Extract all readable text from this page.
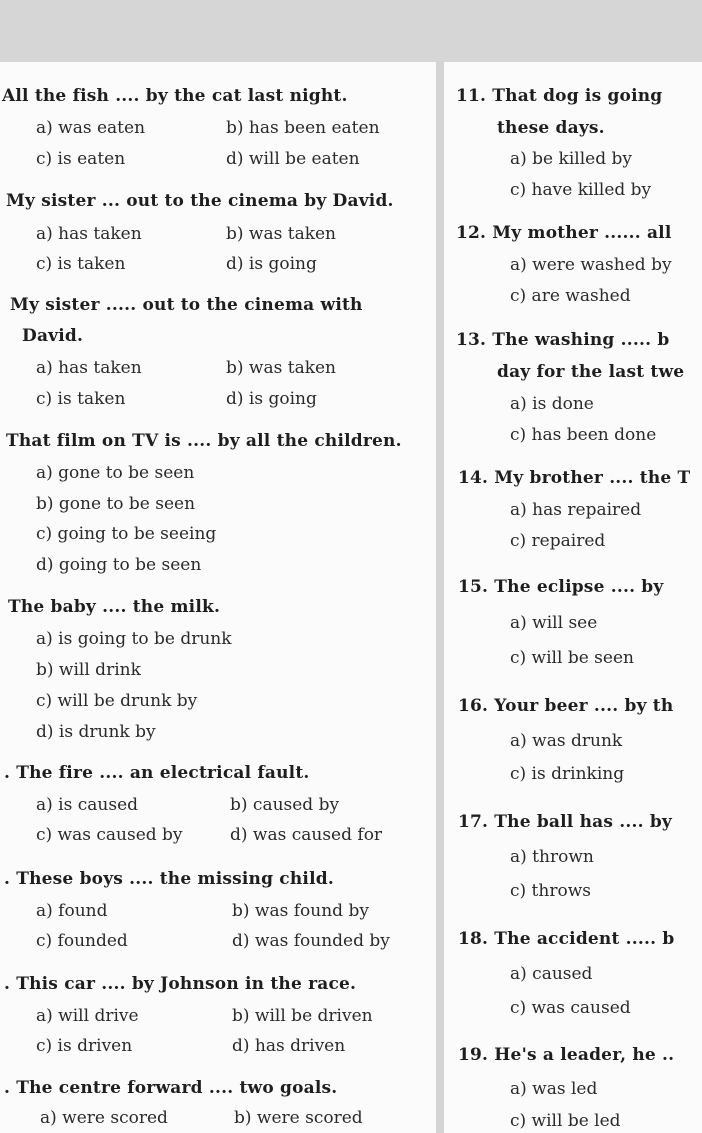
All the fish .... by the cat last night.
a) was eaten	b) has been eaten
c) is eaten	d) will be eaten
My sister ... out to the cinema by David.
a) has taken	b) was taken
c) is taken	d) is going
My sister ..... out to the cinema with
David.
a) has taken	b) was taken
c) is taken	d) is going
That film on TV is .... by all the children.
a) gone to be seen
b) gone to be seen
c) going to be seeing
d) going to be seen
The baby .... the milk.
a) is going to be drunk
b) will drink
c) will be drunk by
d) is drunk by
. The fire .... an electrical fault.
a) is caused	b) caused by
c) was caused by	d) was caused for
. These boys .... the missing child.
a) found	b) was found by
c) founded	d) was founded by
. This car .... by Johnson in the race.
a) will drive	b) will be driven
c) is driven	d) has driven
. The centre forward .... two goals.
a) were scored	b) were scored
11. That dog is going
these days.
a) be killed by
c) have killed by
12. My mother ...... all
a) were washed by
c) are washed
13. The washing ..... b
day for the last twe
a) is done
c) has been done
14. My brother .... the T
a) has repaired
c) repaired
15. The eclipse .... by
a) will see
c) will be seen
16. Your beer .... by th
a) was drunk
c) is drinking
17. The ball has .... by
a) thrown
c) throws
18. The accident ..... b
a) caused
c) was caused
19. He's a leader, he ..
a) was led
c) will be led
